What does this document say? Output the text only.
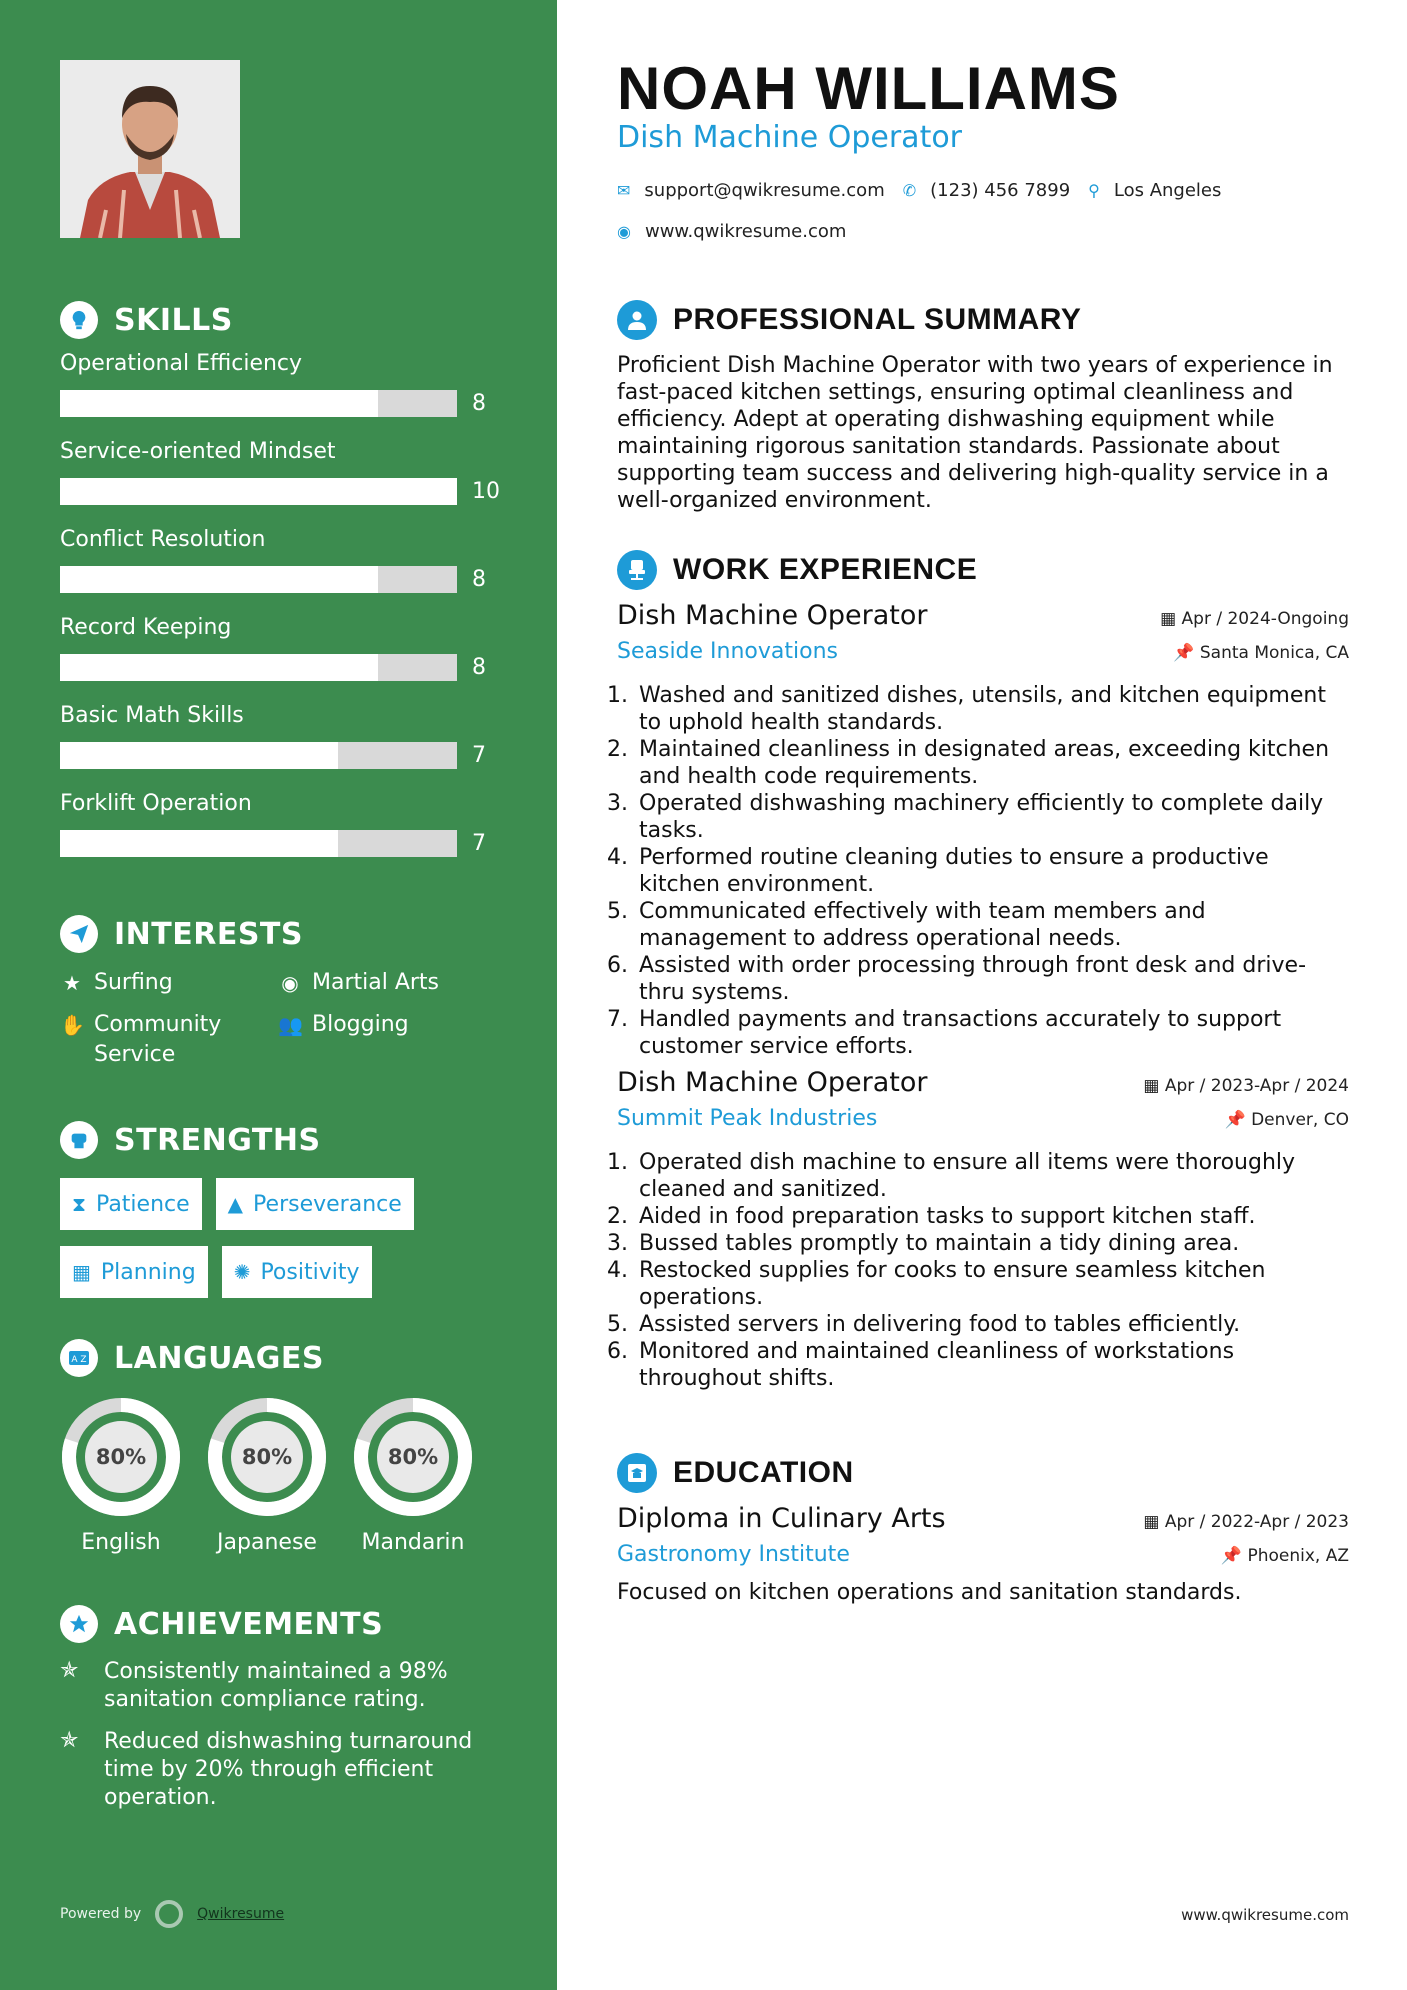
SKILLS
Operational Efficiency
8
Service-oriented Mindset
10
Conflict Resolution
8
Record Keeping
8
Basic Math Skills
7
Forklift Operation
7
INTERESTS
★ Surfing	◉ Martial Arts
✋ Community Service
👥 Blogging
STRENGTHS
⧗ Patience ▲ Perseverance
▦ Planning ✺ Positivity
A Z LANGUAGES
80%
English
80%
Japanese
80%
Mandarin
ACHIEVEMENTS
✯	Consistently maintained a 98% sanitation compliance rating.
✯	Reduced dishwashing turnaround time by 20% through efficient operation.
Powered by	Qwikresume
NOAH WILLIAMS
Dish Machine Operator
✉ support@qwikresume.com ✆ (123) 456 7899 ⚲ Los Angeles
◉ www.qwikresume.com
PROFESSIONAL SUMMARY
Proficient Dish Machine Operator with two years of experience in fast-paced kitchen settings, ensuring optimal cleanliness and efficiency. Adept at operating dishwashing equipment while maintaining rigorous sanitation standards. Passionate about supporting team success and delivering high-quality service in a well-organized environment.
WORK EXPERIENCE
Dish Machine Operator	▦ Apr / 2024-Ongoing
Seaside Innovations	📌 Santa Monica, CA
1. Washed and sanitized dishes, utensils, and kitchen equipment to uphold health standards.
2. Maintained cleanliness in designated areas, exceeding kitchen and health code requirements.
3. Operated dishwashing machinery efficiently to complete daily tasks.
4. Performed routine cleaning duties to ensure a productive kitchen environment.
5. Communicated effectively with team members and management to address operational needs.
6. Assisted with order processing through front desk and drive-thru systems.
7. Handled payments and transactions accurately to support customer service efforts.
Dish Machine Operator	▦ Apr / 2023-Apr / 2024
Summit Peak Industries	📌 Denver, CO
1. Operated dish machine to ensure all items were thoroughly cleaned and sanitized.
2. Aided in food preparation tasks to support kitchen staff.
3. Bussed tables promptly to maintain a tidy dining area.
4. Restocked supplies for cooks to ensure seamless kitchen operations.
5. Assisted servers in delivering food to tables efficiently.
6. Monitored and maintained cleanliness of workstations throughout shifts.
EDUCATION
Diploma in Culinary Arts	▦ Apr / 2022-Apr / 2023
Gastronomy Institute	📌 Phoenix, AZ
Focused on kitchen operations and sanitation standards.
www.qwikresume.com
